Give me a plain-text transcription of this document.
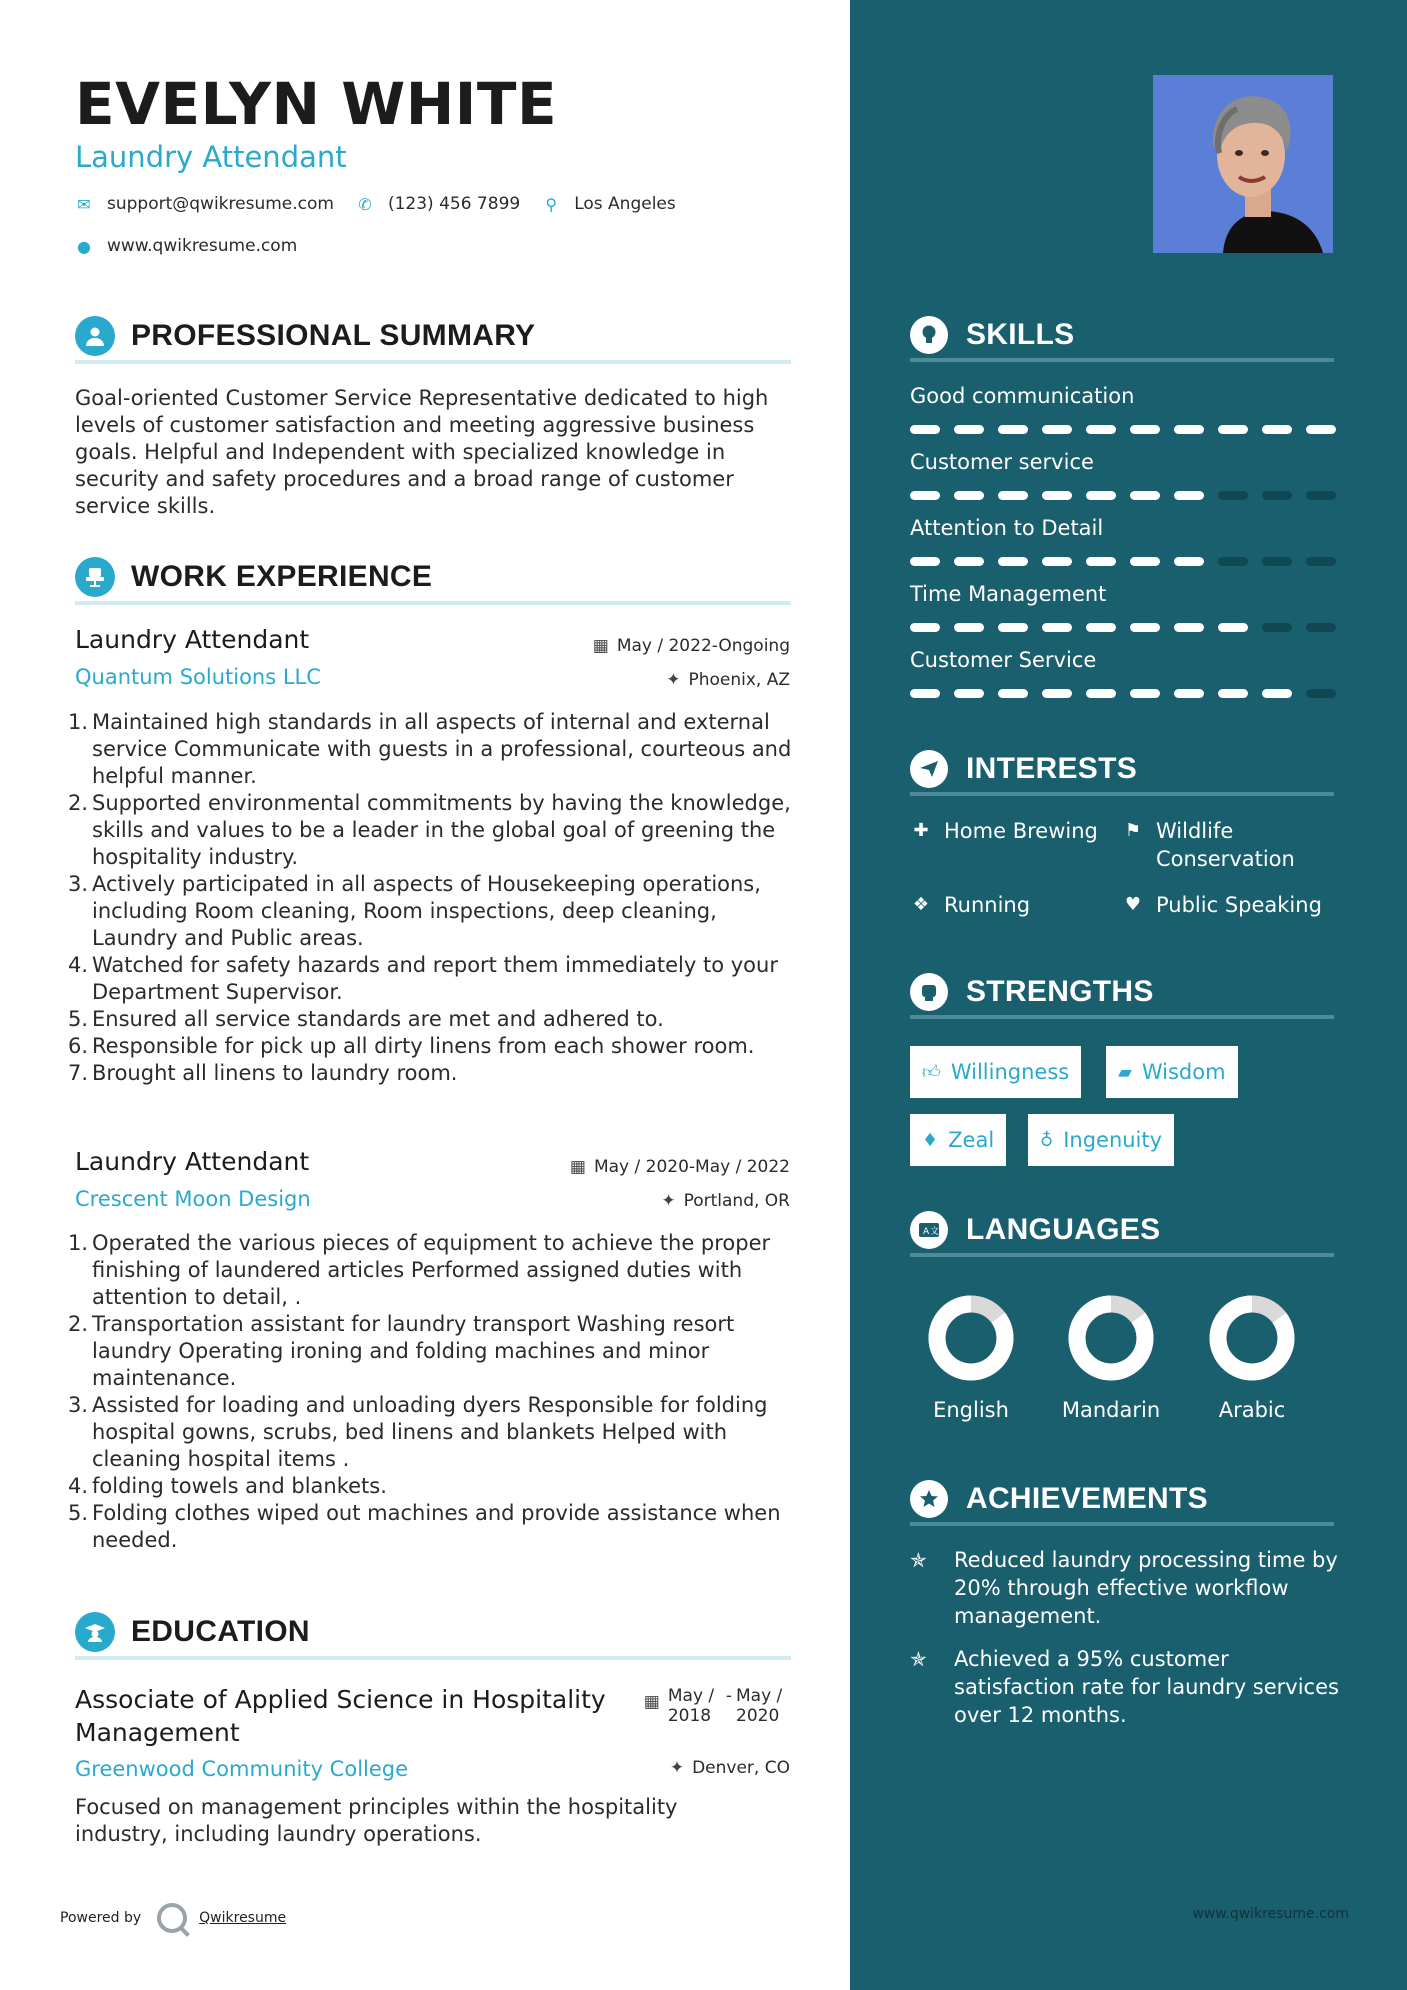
EVELYN WHITE
Laundry Attendant
✉ support@qwikresume.com ✆ (123) 456 7899 ⚲ Los Angeles
● www.qwikresume.com
PROFESSIONAL SUMMARY
Goal-oriented Customer Service Representative dedicated to high levels of customer satisfaction and meeting aggressive business goals. Helpful and Independent with specialized knowledge in security and safety procedures and a broad range of customer service skills.
WORK EXPERIENCE
Laundry Attendant
Quantum Solutions LLC
▦ May / 2022-Ongoing
✦ Phoenix, AZ
1. Maintained high standards in all aspects of internal and external service Communicate with guests in a professional, courteous and helpful manner.
2. Supported environmental commitments by having the knowledge, skills and values to be a leader in the global goal of greening the hospitality industry.
3. Actively participated in all aspects of Housekeeping operations, including Room cleaning, Room inspections, deep cleaning, Laundry and Public areas.
4. Watched for safety hazards and report them immediately to your Department Supervisor.
5. Ensured all service standards are met and adhered to.
6. Responsible for pick up all dirty linens from each shower room.
7. Brought all linens to laundry room.
Laundry Attendant
Crescent Moon Design
▦ May / 2020-May / 2022
✦ Portland, OR
1. Operated the various pieces of equipment to achieve the proper finishing of laundered articles Performed assigned duties with attention to detail, .
2. Transportation assistant for laundry transport Washing resort laundry Operating ironing and folding machines and minor maintenance.
3. Assisted for loading and unloading dyers Responsible for folding hospital gowns, scrubs, bed linens and blankets Helped with cleaning hospital items .
4. folding towels and blankets.
5. Folding clothes wiped out machines and provide assistance when needed.
EDUCATION
Associate of Applied Science in Hospitality Management
▦ May / 2018
- May / 2020
Greenwood Community College	✦ Denver, CO
Focused on management principles within the hospitality industry, including laundry operations.
Powered by	Qwikresume
SKILLS
Good communication
Customer service
Attention to Detail
Time Management
Customer Service
INTERESTS
✚ Home Brewing ⚑ Wildlife Conservation
❖ Running	♥ Public Speaking
STRENGTHS
👍︎ Willingness	▰ Wisdom
♦ Zeal	♁ Ingenuity
A 文 LANGUAGES
English	Mandarin	Arabic
ACHIEVEMENTS
✯	Reduced laundry processing time by 20% through effective workflow management.
✯	Achieved a 95% customer satisfaction rate for laundry services over 12 months.
www.qwikresume.com
